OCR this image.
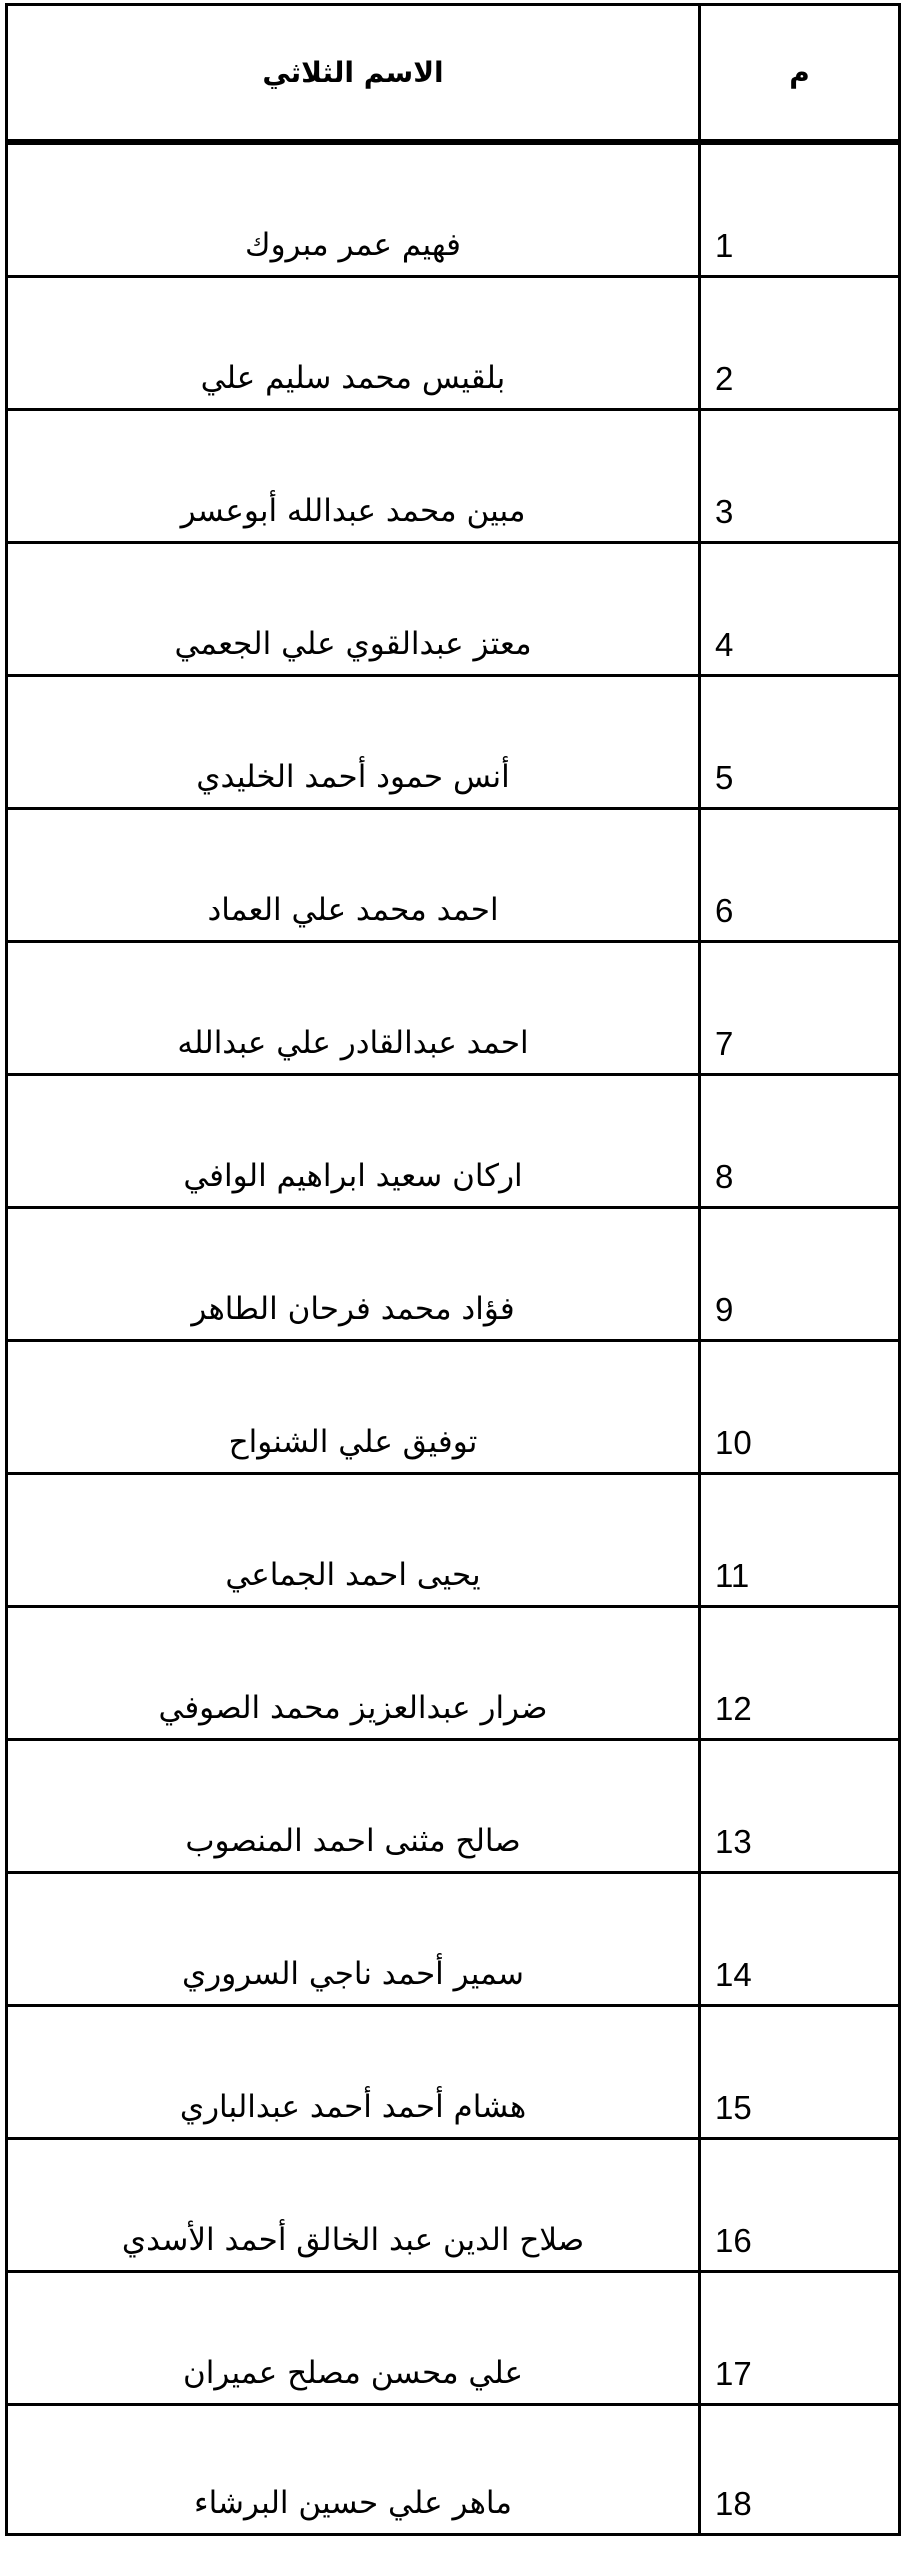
م	الاسم الثلاثي

1	فهيم عمر مبروك
2	بلقيس محمد سليم علي
3	مبين محمد عبدالله أبوعسر
4	معتز عبدالقوي علي الجعمي
5	أنس حمود أحمد الخليدي
6	احمد محمد علي العماد
7	احمد عبدالقادر علي عبدالله
8	اركان سعيد ابراهيم الوافي
9	فؤاد محمد فرحان الطاهر
10	توفيق علي الشنواح
11	يحيى احمد الجماعي
12	ضرار عبدالعزيز محمد الصوفي
13	صالح مثنى احمد المنصوب
14	سمير أحمد ناجي السروري
15	هشام أحمد أحمد عبدالباري
16	صلاح الدين عبد الخالق أحمد الأسدي
17	علي محسن مصلح عميران
18	ماهر علي حسين البرشاء
